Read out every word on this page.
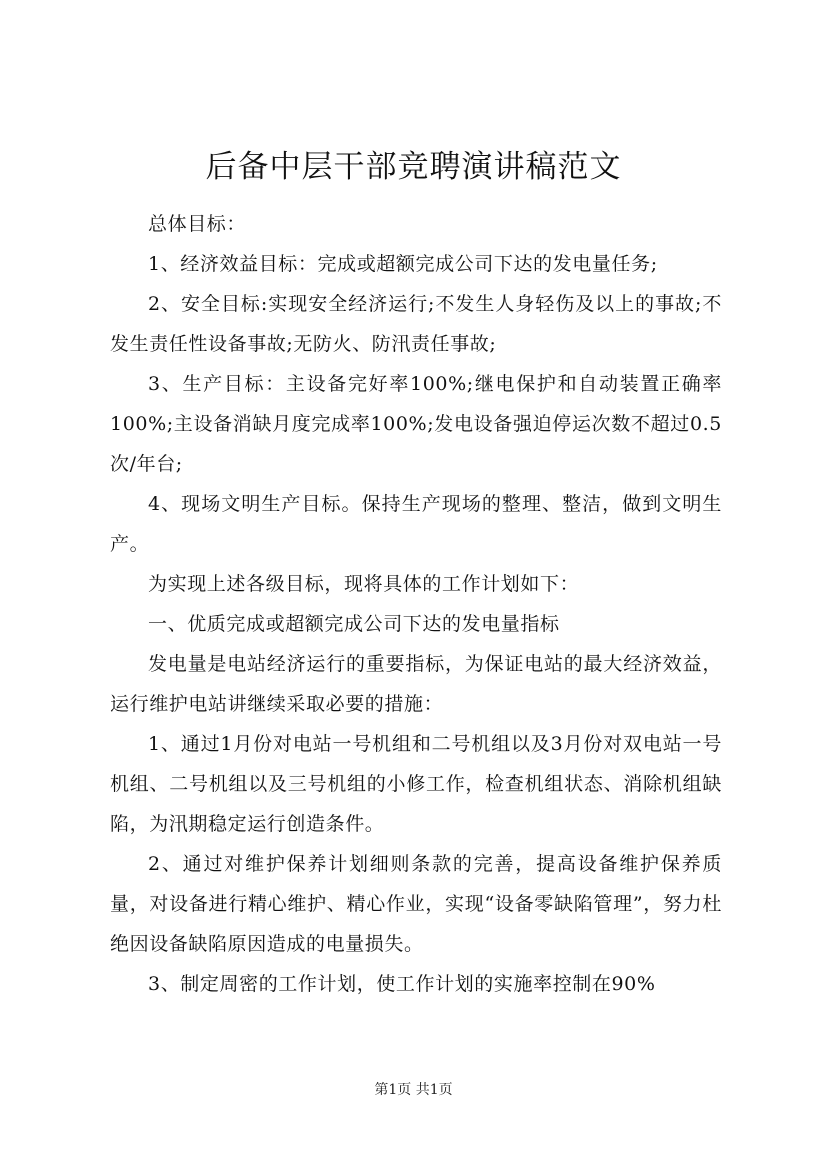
后备中层干部竞聘演讲稿范文

总体目标：

1、经济效益目标：完成或超额完成公司下达的发电量任务;

2、安全目标:实现安全经济运行;不发生人身轻伤及以上的事故;不发生责任性设备事故;无防火、防汛责任事故;

3、生产目标：主设备完好率100%;继电保护和自动装置正确率100%;主设备消缺月度完成率100%;发电设备强迫停运次数不超过0.5次/年台;

4、现场文明生产目标。保持生产现场的整理、整洁，做到文明生产。

为实现上述各级目标，现将具体的工作计划如下：

一、优质完成或超额完成公司下达的发电量指标

发电量是电站经济运行的重要指标，为保证电站的最大经济效益，运行维护电站讲继续采取必要的措施：

1、通过1月份对电站一号机组和二号机组以及3月份对双电站一号机组、二号机组以及三号机组的小修工作，检查机组状态、消除机组缺陷，为汛期稳定运行创造条件。

2、通过对维护保养计划细则条款的完善，提高设备维护保养质量，对设备进行精心维护、精心作业，实现“设备零缺陷管理”，努力杜绝因设备缺陷原因造成的电量损失。

3、制定周密的工作计划，使工作计划的实施率控制在90%

第1页 共1页
